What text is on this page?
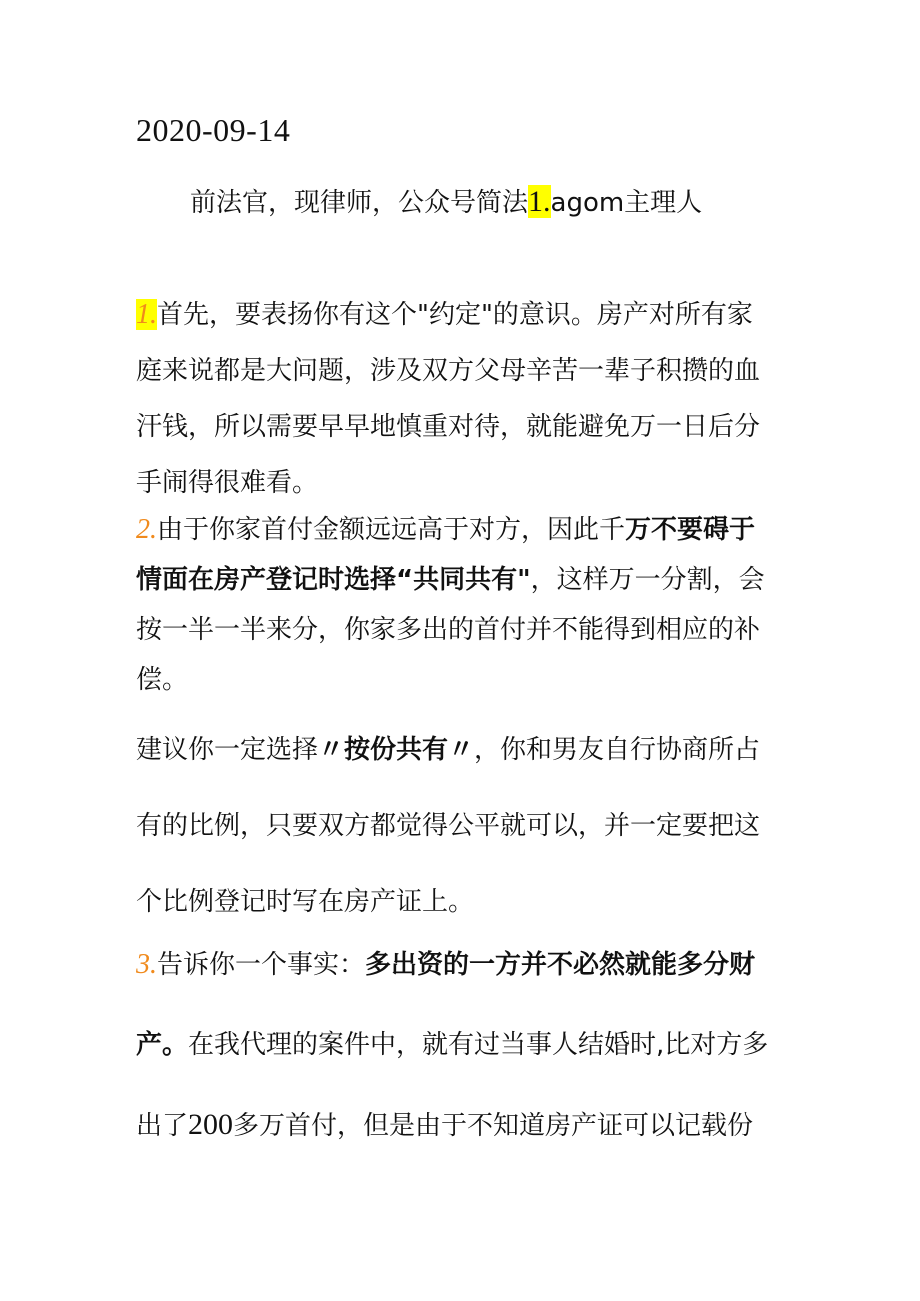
2020-09-14
前法官，现律师，公众号简法1.agom主理人
1.首先，要表扬你有这个"约定"的意识。房产对所有家
庭来说都是大问题，涉及双方父母辛苦一辈子积攒的血
汗钱，所以需要早早地慎重对待，就能避免万一日后分
手闹得很难看。
2.由于你家首付金额远远高于对方，因此千万不要碍于
情面在房产登记时选择“共同共有"，这样万一分割，会
按一半一半来分，你家多出的首付并不能得到相应的补
偿。
建议你一定选择〃按份共有〃，你和男友自行协商所占
有的比例，只要双方都觉得公平就可以，并一定要把这
个比例登记时写在房产证上。
3.告诉你一个事实：多出资的一方并不必然就能多分财
产。在我代理的案件中，就有过当事人结婚时,比对方多
出了200多万首付，但是由于不知道房产证可以记载份
